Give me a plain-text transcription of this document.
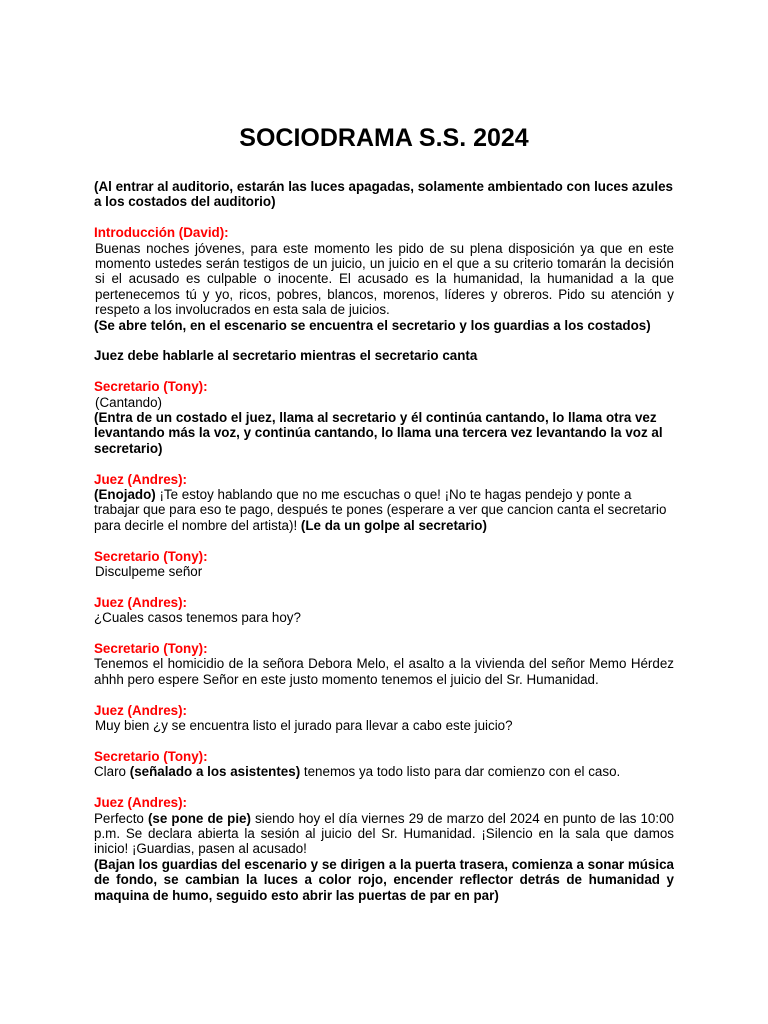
SOCIODRAMA S.S. 2024

(Al entrar al auditorio, estarán las luces apagadas, solamente ambientado con luces azules a los costados del auditorio)

Introducción (David):

Buenas noches jóvenes, para este momento les pido de su plena disposición ya que en este momento ustedes serán testigos de un juicio, un juicio en el que a su criterio tomarán la decisión si el acusado es culpable o inocente. El acusado es la humanidad, la humanidad a la que pertenecemos tú y yo, ricos, pobres, blancos, morenos, líderes y obreros. Pido su atención y respeto a los involucrados en esta sala de juicios.

(Se abre telón, en el escenario se encuentra el secretario y los guardias a los costados)

Juez debe hablarle al secretario mientras el secretario canta

Secretario (Tony):

(Cantando)

(Entra de un costado el juez, llama al secretario y él continúa cantando, lo llama otra vez levantando más la voz, y continúa cantando, lo llama una tercera vez levantando la voz al secretario)

Juez (Andres):

(Enojado) ¡Te estoy hablando que no me escuchas o que! ¡No te hagas pendejo y ponte a trabajar que para eso te pago, después te pones (esperare a ver que cancion canta el secretario para decirle el nombre del artista)! (Le da un golpe al secretario)

Secretario (Tony):

Disculpeme señor

Juez (Andres):

¿Cuales casos tenemos para hoy?

Secretario (Tony):

Tenemos el homicidio de la señora Debora Melo, el asalto a la vivienda del señor Memo Hérdez ahhh pero espere Señor en este justo momento tenemos el juicio del Sr. Humanidad.

Juez (Andres):

Muy bien ¿y se encuentra listo el jurado para llevar a cabo este juicio?

Secretario (Tony):

Claro (señalado a los asistentes) tenemos ya todo listo para dar comienzo con el caso.

Juez (Andres):

Perfecto (se pone de pie) siendo hoy el día viernes 29 de marzo del 2024 en punto de las 10:00 p.m. Se declara abierta la sesión al juicio del Sr. Humanidad. ¡Silencio en la sala que damos inicio! ¡Guardias, pasen al acusado!

(Bajan los guardias del escenario y se dirigen a la puerta trasera, comienza a sonar música de fondo, se cambian la luces a color rojo, encender reflector detrás de humanidad y maquina de humo, seguido esto abrir las puertas de par en par)
